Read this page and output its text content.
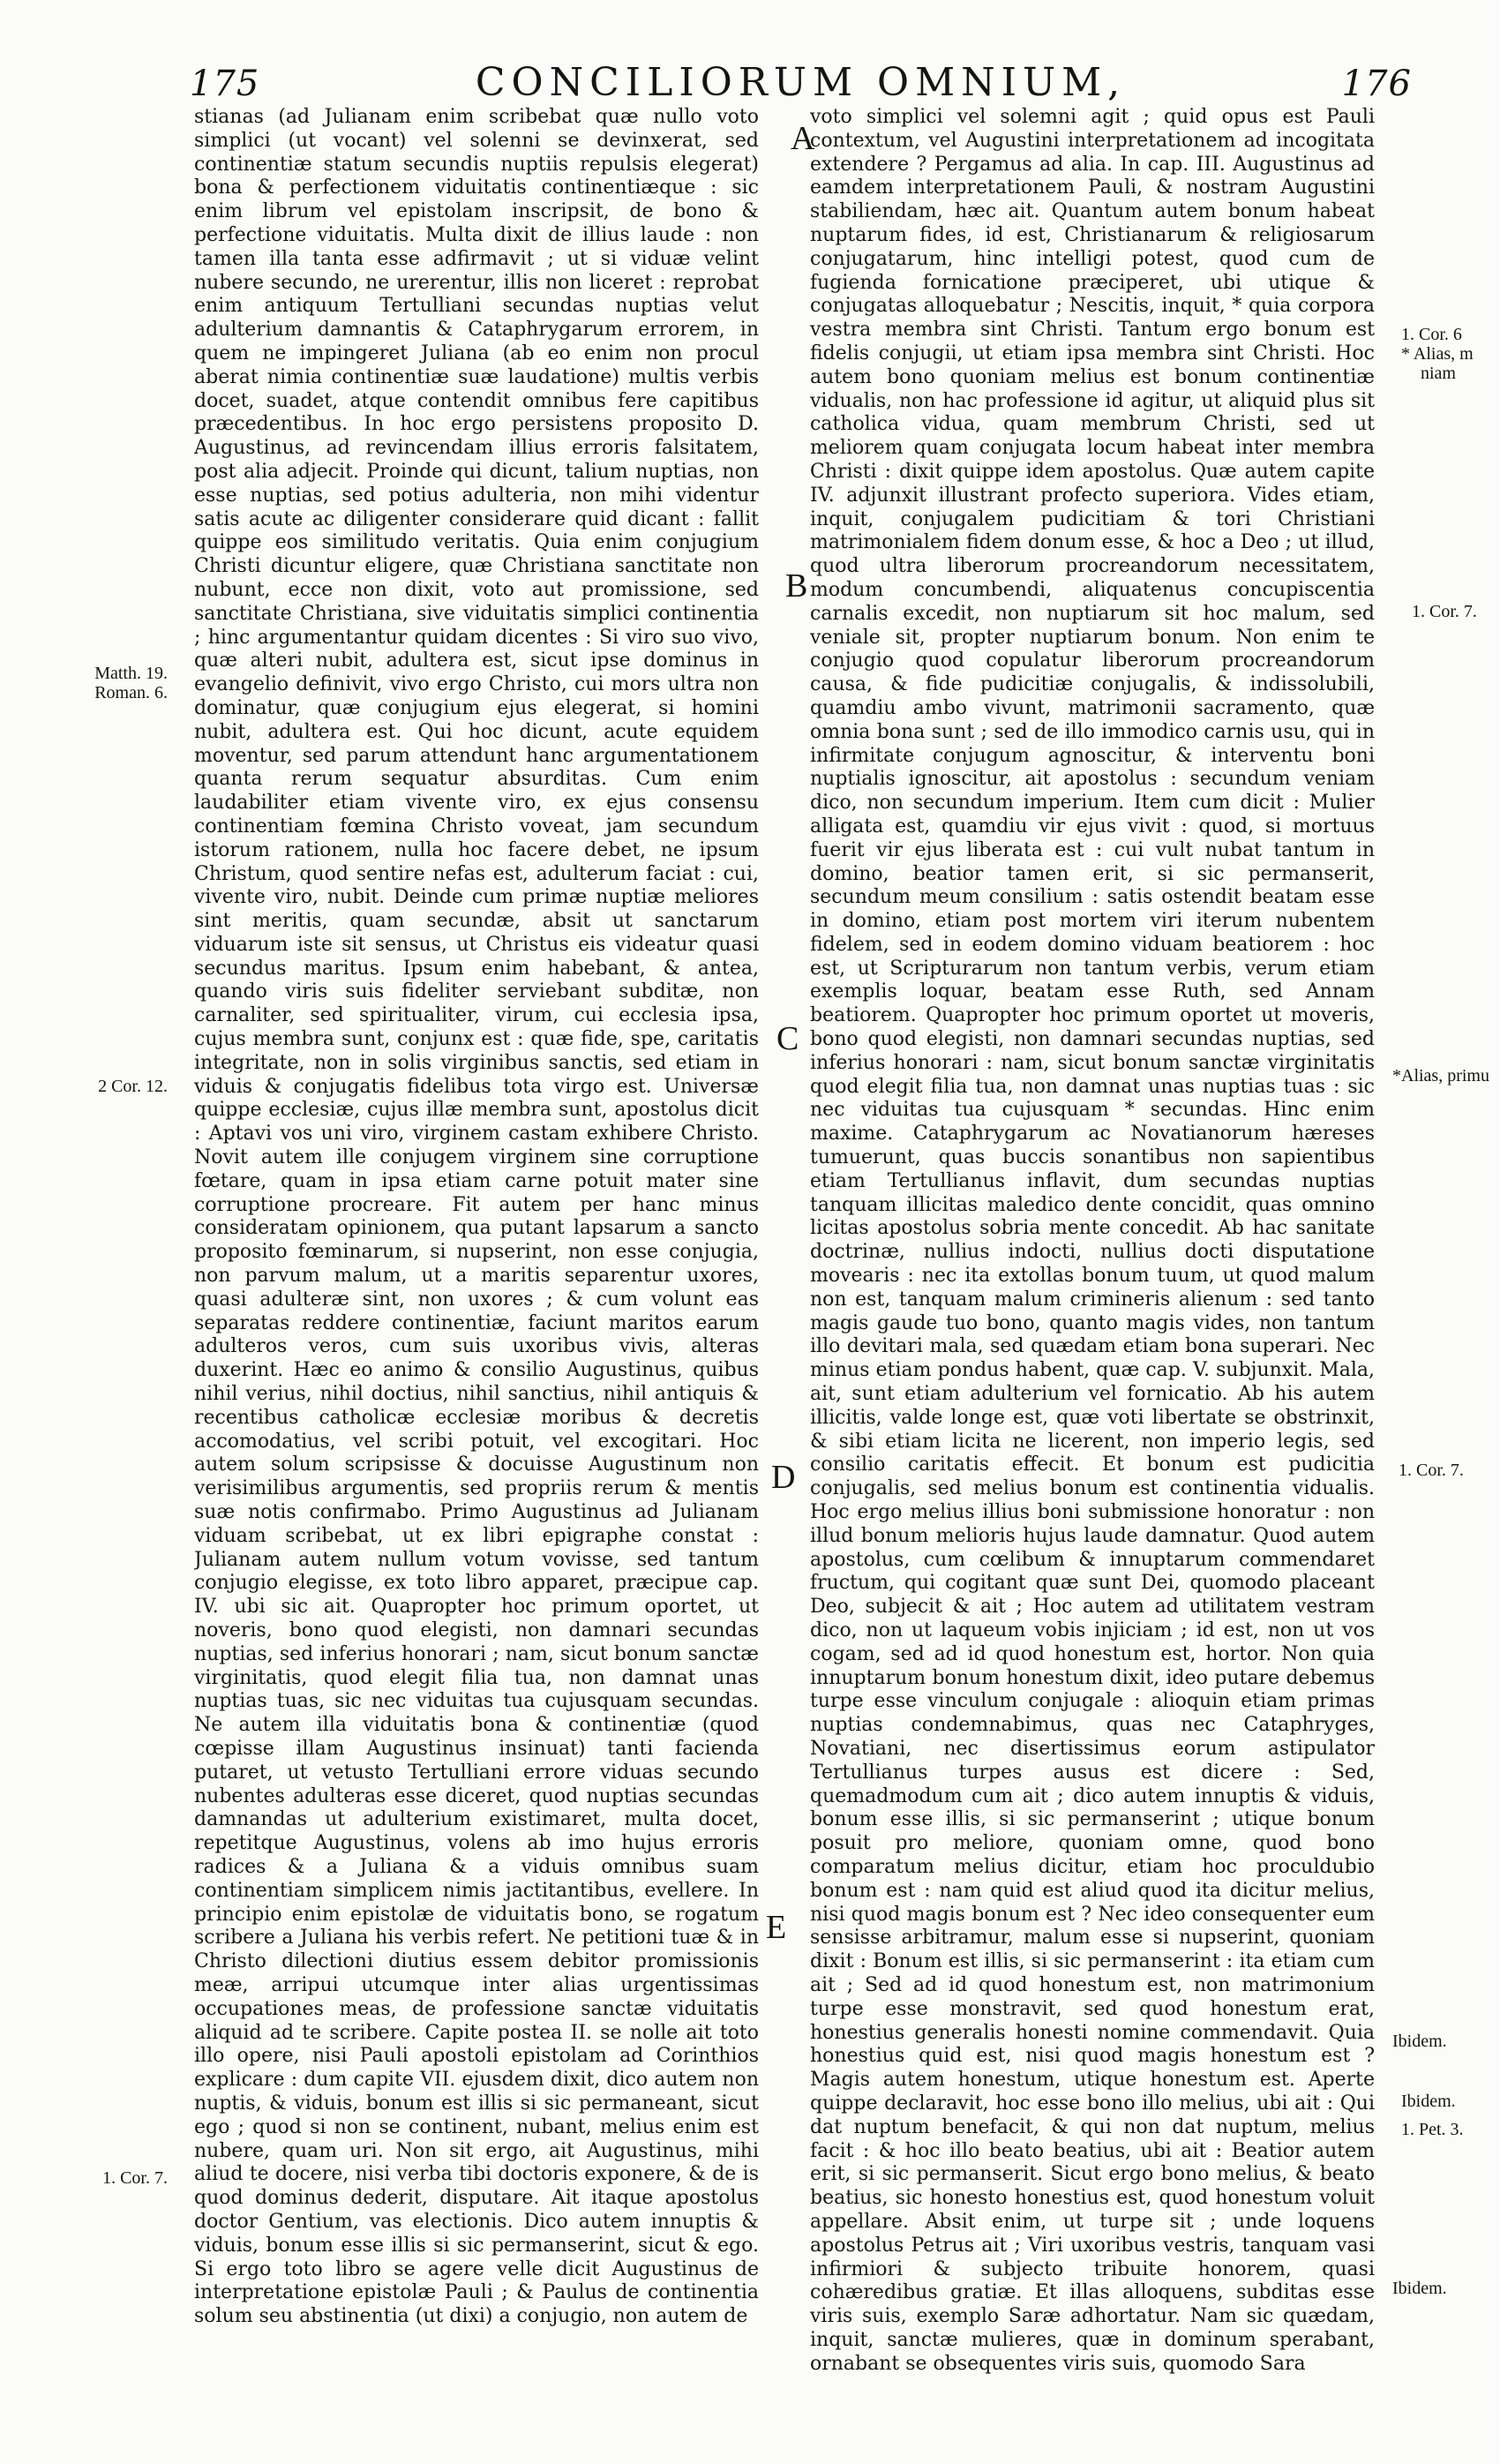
175	CONCILIORUM OMNIUM,	176
Matth. 19.
Roman. 6.
2 Cor. 12.
1. Cor. 7.
A
B
C
D
E

stianas (ad Julianam enim scribebat quæ nullo voto simplici (ut vocant) vel solenni se devinxerat, sed continentiæ statum secundis nuptiis repulsis elegerat) bona & perfectionem viduitatis continentiæque : sic enim librum vel epistolam inscripsit, de bono & perfectione viduitatis. Multa dixit de illius laude : non tamen illa tanta esse adfirmavit ; ut si viduæ velint nubere secundo, ne urerentur, illis non liceret : reprobat enim antiquum Tertulliani secundas nuptias velut adulterium damnantis & Cataphrygarum errorem, in quem ne impingeret Juliana (ab eo enim non procul aberat nimia continentiæ suæ laudatione) multis verbis docet, suadet, atque contendit omnibus fere capitibus præcedentibus. In hoc ergo persistens proposito D. Augustinus, ad revincendam illius erroris falsitatem, post alia adjecit. Proinde qui dicunt, talium nuptias, non esse nuptias, sed potius adulteria, non mihi videntur satis acute ac diligenter considerare quid dicant : fallit quippe eos similitudo veritatis. Quia enim conjugium Christi dicuntur eligere, quæ Christiana sanctitate non nubunt, ecce non dixit, voto aut promissione, sed sanctitate Christiana, sive viduitatis simplici continentia ; hinc argumentantur quidam dicentes : Si viro suo vivo, quæ alteri nubit, adultera est, sicut ipse dominus in evangelio definivit, vivo ergo Christo, cui mors ultra non dominatur, quæ conjugium ejus elegerat, si homini nubit, adultera est. Qui hoc dicunt, acute equidem moventur, sed parum attendunt hanc argumentationem quanta rerum sequatur absurditas. Cum enim laudabiliter etiam vivente viro, ex ejus consensu continentiam fœmina Christo voveat, jam secundum istorum rationem, nulla hoc facere debet, ne ipsum Christum, quod sentire nefas est, adulterum faciat : cui, vivente viro, nubit. Deinde cum primæ nuptiæ meliores sint meritis, quam secundæ, absit ut sanctarum viduarum iste sit sensus, ut Christus eis videatur quasi secundus maritus. Ipsum enim habebant, & antea, quando viris suis fideliter serviebant subditæ, non carnaliter, sed spiritualiter, virum, cui ecclesia ipsa, cujus membra sunt, conjunx est : quæ fide, spe, caritatis integritate, non in solis virginibus sanctis, sed etiam in viduis & conjugatis fidelibus tota virgo est. Universæ quippe ecclesiæ, cujus illæ membra sunt, apostolus dicit : Aptavi vos uni viro, virginem castam exhibere Christo. Novit autem ille conjugem virginem sine corruptione fœtare, quam in ipsa etiam carne potuit mater sine corruptione procreare. Fit autem per hanc minus consideratam opinionem, qua putant lapsarum a sancto proposito fœminarum, si nupserint, non esse conjugia, non parvum malum, ut a maritis separentur uxores, quasi adulteræ sint, non uxores ; & cum volunt eas separatas reddere continentiæ, faciunt maritos earum adulteros veros, cum suis uxoribus vivis, alteras duxerint. Hæc eo animo & consilio Augustinus, quibus nihil verius, nihil doctius, nihil sanctius, nihil antiquis & recentibus catholicæ ecclesiæ moribus & decretis accomodatius, vel scribi potuit, vel excogitari. Hoc autem solum scripsisse & docuisse Augustinum non verisimilibus argumentis, sed propriis rerum & mentis suæ notis confirmabo. Primo Augustinus ad Julianam viduam scribebat, ut ex libri epigraphe constat : Julianam autem nullum votum vovisse, sed tantum conjugio elegisse, ex toto libro apparet, præcipue cap. IV. ubi sic ait. Quapropter hoc primum oportet, ut noveris, bono quod elegisti, non damnari secundas nuptias, sed inferius honorari ; nam, sicut bonum sanctæ virginitatis, quod elegit filia tua, non damnat unas nuptias tuas, sic nec viduitas tua cujusquam secundas. Ne autem illa viduitatis bona & continentiæ (quod cœpisse illam Augustinus insinuat) tanti facienda putaret, ut vetusto Tertulliani errore viduas secundo nubentes adulteras esse diceret, quod nuptias secundas damnandas ut adulterium existimaret, multa docet, repetitque Augustinus, volens ab imo hujus erroris radices & a Juliana & a viduis omnibus suam continentiam simplicem nimis jactitantibus, evellere. In principio enim epistolæ de viduitatis bono, se rogatum scribere a Juliana his verbis refert. Ne petitioni tuæ & in Christo dilectioni diutius essem debitor promissionis meæ, arripui utcumque inter alias urgentissimas occupationes meas, de professione sanctæ viduitatis aliquid ad te scribere. Capite postea II. se nolle ait toto illo opere, nisi Pauli apostoli epistolam ad Corinthios explicare : dum capite VII. ejusdem dixit, dico autem non nuptis, & viduis, bonum est illis si sic permaneant, sicut ego ; quod si non se continent, nubant, melius enim est nubere, quam uri. Non sit ergo, ait Augustinus, mihi aliud te docere, nisi verba tibi doctoris exponere, & de is quod dominus dederit, disputare. Ait itaque apostolus doctor Gentium, vas electionis. Dico autem innuptis & viduis, bonum esse illis si sic permanserint, sicut & ego. Si ergo toto libro se agere velle dicit Augustinus de interpretatione epistolæ Pauli ; & Paulus de continentia solum seu abstinentia (ut dixi) a conjugio, non autem de

voto simplici vel solemni agit ; quid opus est Pauli contextum, vel Augustini interpretationem ad incogitata extendere ? Pergamus ad alia. In cap. III. Augustinus ad eamdem interpretationem Pauli, & nostram Augustini stabiliendam, hæc ait. Quantum autem bonum habeat nuptarum fides, id est, Christianarum & religiosarum conjugatarum, hinc intelligi potest, quod cum de fugienda fornicatione præciperet, ubi utique & conjugatas alloquebatur ; Nescitis, inquit, * quia corpora vestra membra sint Christi. Tantum ergo bonum est fidelis conjugii, ut etiam ipsa membra sint Christi. Hoc autem bono quoniam melius est bonum continentiæ vidualis, non hac professione id agitur, ut aliquid plus sit catholica vidua, quam membrum Christi, sed ut meliorem quam conjugata locum habeat inter membra Christi : dixit quippe idem apostolus. Quæ autem capite IV. adjunxit illustrant profecto superiora. Vides etiam, inquit, conjugalem pudicitiam & tori Christiani matrimonialem fidem donum esse, & hoc a Deo ; ut illud, quod ultra liberorum procreandorum necessitatem, modum concumbendi, aliquatenus concupiscentia carnalis excedit, non nuptiarum sit hoc malum, sed veniale sit, propter nuptiarum bonum. Non enim te conjugio quod copulatur liberorum procreandorum causa, & fide pudicitiæ conjugalis, & indissolubili, quamdiu ambo vivunt, matrimonii sacramento, quæ omnia bona sunt ; sed de illo immodico carnis usu, qui in infirmitate conjugum agnoscitur, & interventu boni nuptialis ignoscitur, ait apostolus : secundum veniam dico, non secundum imperium. Item cum dicit : Mulier alligata est, quamdiu vir ejus vivit : quod, si mortuus fuerit vir ejus liberata est : cui vult nubat tantum in domino, beatior tamen erit, si sic permanserit, secundum meum consilium : satis ostendit beatam esse in domino, etiam post mortem viri iterum nubentem fidelem, sed in eodem domino viduam beatiorem : hoc est, ut Scripturarum non tantum verbis, verum etiam exemplis loquar, beatam esse Ruth, sed Annam beatiorem. Quapropter hoc primum oportet ut moveris, bono quod elegisti, non damnari secundas nuptias, sed inferius honorari : nam, sicut bonum sanctæ virginitatis quod elegit filia tua, non damnat unas nuptias tuas : sic nec viduitas tua cujusquam * secundas. Hinc enim maxime. Cataphrygarum ac Novatianorum hæreses tumuerunt, quas buccis sonantibus non sapientibus etiam Tertullianus inflavit, dum secundas nuptias tanquam illicitas maledico dente concidit, quas omnino licitas apostolus sobria mente concedit. Ab hac sanitate doctrinæ, nullius indocti, nullius docti disputatione movearis : nec ita extollas bonum tuum, ut quod malum non est, tanquam malum crimineris alienum : sed tanto magis gaude tuo bono, quanto magis vides, non tantum illo devitari mala, sed quædam etiam bona superari. Nec minus etiam pondus habent, quæ cap. V. subjunxit. Mala, ait, sunt etiam adulterium vel fornicatio. Ab his autem illicitis, valde longe est, quæ voti libertate se obstrinxit, & sibi etiam licita ne licerent, non imperio legis, sed consilio caritatis effecit. Et bonum est pudicitia conjugalis, sed melius bonum est continentia vidualis. Hoc ergo melius illius boni submissione honoratur : non illud bonum melioris hujus laude damnatur. Quod autem apostolus, cum cœlibum & innuptarum commendaret fructum, qui cogitant quæ sunt Dei, quomodo placeant Deo, subjecit & ait ; Hoc autem ad utilitatem vestram dico, non ut laqueum vobis injiciam ; id est, non ut vos cogam, sed ad id quod honestum est, hortor. Non quia innuptarum bonum honestum dixit, ideo putare debemus turpe esse vinculum conjugale : alioquin etiam primas nuptias condemnabimus, quas nec Cataphryges, Novatiani, nec disertissimus eorum astipulator Tertullianus turpes ausus est dicere : Sed, quemadmodum cum ait ; dico autem innuptis & viduis, bonum esse illis, si sic permanserint ; utique bonum posuit pro meliore, quoniam omne, quod bono comparatum melius dicitur, etiam hoc proculdubio bonum est : nam quid est aliud quod ita dicitur melius, nisi quod magis bonum est ? Nec ideo consequenter eum sensisse arbitramur, malum esse si nupserint, quoniam dixit : Bonum est illis, si sic permanserint : ita etiam cum ait ; Sed ad id quod honestum est, non matrimonium turpe esse monstravit, sed quod honestum erat, honestius generalis honesti nomine commendavit. Quia honestius quid est, nisi quod magis honestum est ? Magis autem honestum, utique honestum est. Aperte quippe declaravit, hoc esse bono illo melius, ubi ait : Qui dat nuptum benefacit, & qui non dat nuptum, melius facit : & hoc illo beato beatius, ubi ait : Beatior autem erit, si sic permanserit. Sicut ergo bono melius, & beato beatius, sic honesto honestius est, quod honestum voluit appellare. Absit enim, ut turpe sit ; unde loquens apostolus Petrus ait ; Viri uxoribus vestris, tanquam vasi infirmiori & subjecto tribuite honorem, quasi cohæredibus gratiæ. Et illas alloquens, subditas esse viris suis, exemplo Saræ adhortatur. Nam sic quædam, inquit, sanctæ mulieres, quæ in dominum sperabant, ornabant se obsequentes viris suis, quomodo Sara

1. Cor. 6
* Alias, m
niam
1. Cor. 7.
*Alias, primu
1. Cor. 7.
Ibidem.
Ibidem.
1. Pet. 3.
Ibidem.
